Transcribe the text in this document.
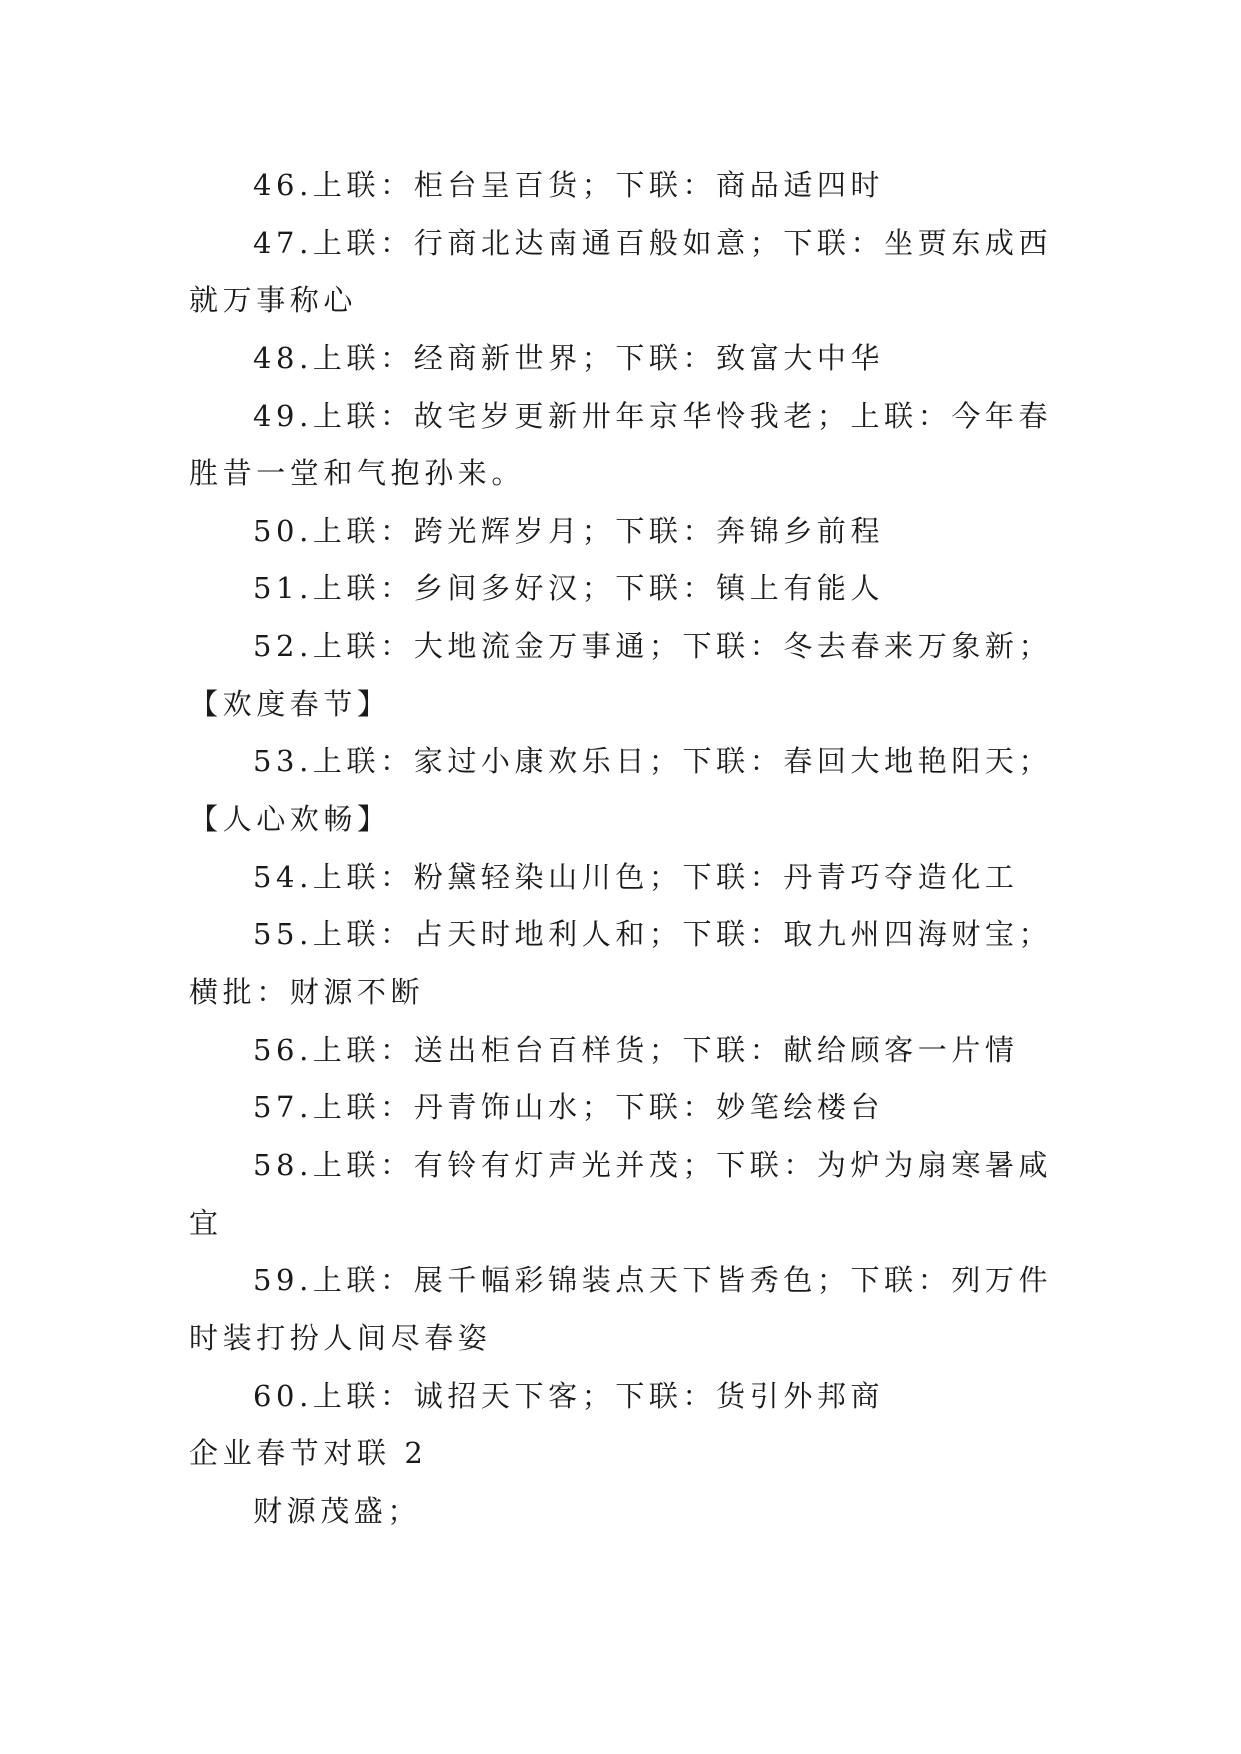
46.上联：柜台呈百货；下联：商品适四时
47.上联：行商北达南通百般如意；下联：坐贾东成西
就万事称心
48.上联：经商新世界；下联：致富大中华
49.上联：故宅岁更新卅年京华怜我老；上联：今年春
胜昔一堂和气抱孙来。
50.上联：跨光辉岁月；下联：奔锦乡前程
51.上联：乡间多好汉；下联：镇上有能人
52.上联：大地流金万事通；下联：冬去春来万象新；
【欢度春节】
53.上联：家过小康欢乐日；下联：春回大地艳阳天；
【人心欢畅】
54.上联：粉黛轻染山川色；下联：丹青巧夺造化工
55.上联：占天时地利人和；下联：取九州四海财宝；
横批：财源不断
56.上联：送出柜台百样货；下联：献给顾客一片情
57.上联：丹青饰山水；下联：妙笔绘楼台
58.上联：有铃有灯声光并茂；下联：为炉为扇寒暑咸
宜
59.上联：展千幅彩锦装点天下皆秀色；下联：列万件
时装打扮人间尽春姿
60.上联：诚招天下客；下联：货引外邦商
企业春节对联 2
财源茂盛；
